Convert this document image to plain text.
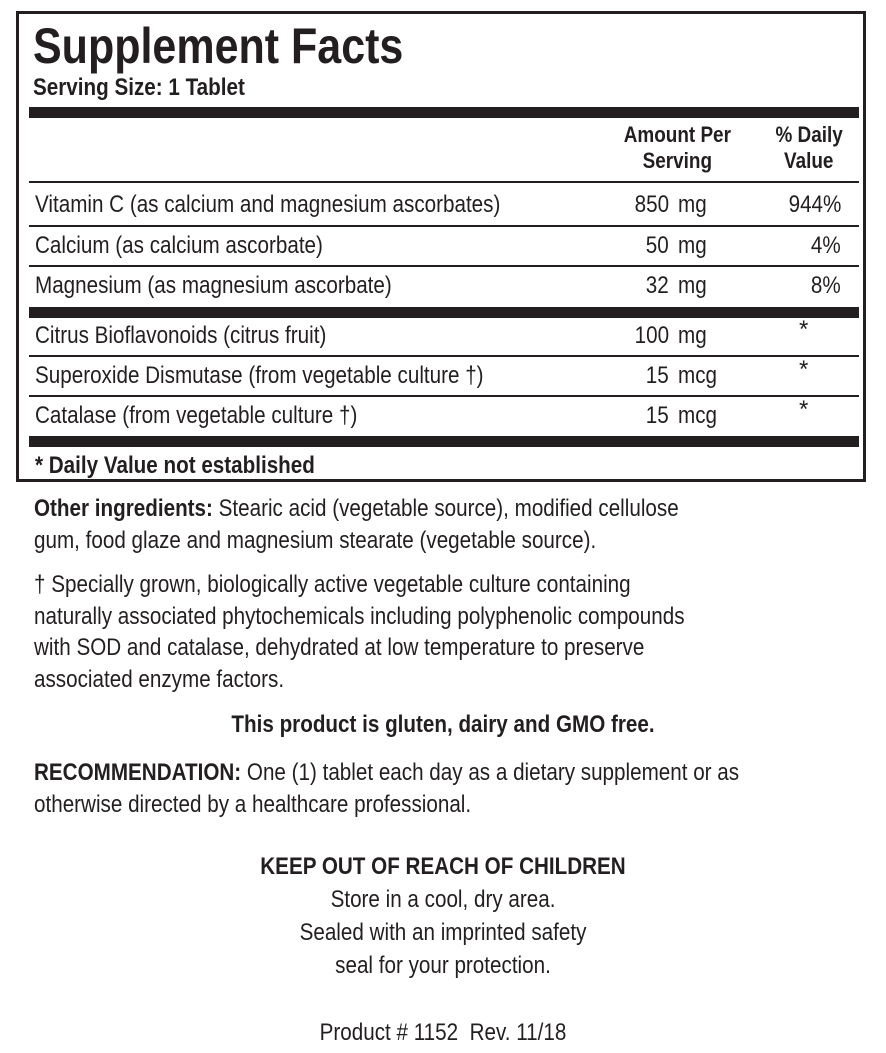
Supplement Facts
Serving Size: 1 Tablet
Amount Per
Serving
% Daily
Value
Vitamin C (as calcium and magnesium ascorbates)	850 mg	944%
Calcium (as calcium ascorbate)	50 mg	4%
Magnesium (as magnesium ascorbate)	32 mg	8%
Citrus Bioflavonoids (citrus fruit)	100 mg	*
Superoxide Dismutase (from vegetable culture †)	15 mcg	*
Catalase (from vegetable culture †)	15 mcg	*
* Daily Value not established
Other ingredients: Stearic acid (vegetable source), modified cellulose
gum, food glaze and magnesium stearate (vegetable source).
† Specially grown, biologically active vegetable culture containing
naturally associated phytochemicals including polyphenolic compounds
with SOD and catalase, dehydrated at low temperature to preserve
associated enzyme factors.
This product is gluten, dairy and GMO free.
RECOMMENDATION: One (1) tablet each day as a dietary supplement or as
otherwise directed by a healthcare professional.
KEEP OUT OF REACH OF CHILDREN
Store in a cool, dry area.
Sealed with an imprinted safety
seal for your protection.
Product # 1152  Rev. 11/18
